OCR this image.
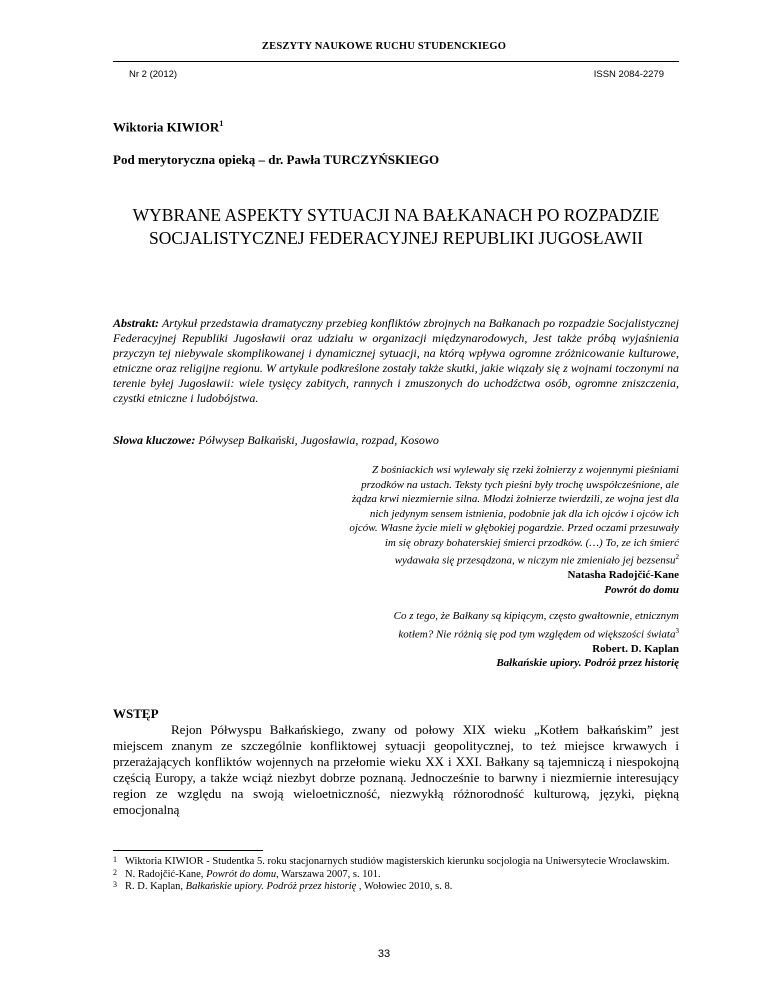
ZESZYTY NAUKOWE RUCHU STUDENCKIEGO
Nr 2 (2012)	ISSN 2084-2279
Wiktoria KIWIOR$^1$
Pod merytoryczna opieką – dr. Pawła TURCZYŃSKIEGO
WYBRANE ASPEKTY SYTUACJI NA BAŁKANACH PO ROZPADZIE SOCJALISTYCZNEJ FEDERACYJNEJ REPUBLIKI JUGOSŁAWII
Abstrakt: Artykuł przedstawia dramatyczny przebieg konfliktów zbrojnych na Bałkanach po rozpadzie Socjalistycznej Federacyjnej Republiki Jugosławii oraz udziału w organizacji międzynarodowych, Jest także próbą wyjaśnienia przyczyn tej niebywale skomplikowanej i dynamicznej sytuacji, na którą wpływa ogromne zróżnicowanie kulturowe, etniczne oraz religijne regionu. W artykule podkreślone zostały także skutki, jakie wiązały się z wojnami toczonymi na terenie byłej Jugosławii: wiele tysięcy zabitych, rannych i zmuszonych do uchodźctwa osób, ogromne zniszczenia, czystki etniczne i ludobójstwa.
Słowa kluczowe: Półwysep Bałkański, Jugosławia, rozpad, Kosowo
Z bośniackich wsi wylewały się rzeki żołnierzy z wojennymi pieśniami przodków na ustach. Teksty tych pieśni były trochę uwspółcześnione, ale żądza krwi niezmiernie silna. Młodzi żołnierze twierdzili, ze wojna jest dla nich jedynym sensem istnienia, podobnie jak dla ich ojców i ojców ich ojców. Własne życie mieli w głębokiej pogardzie. Przed oczami przesuwały im się obrazy bohaterskiej śmierci przodków. (…) To, ze ich śmierć wydawała się przesądzona, w niczym nie zmieniało jej bezsensu$^2$
Natasha Radojčić-Kane
Powrót do domu
Co z tego, że Bałkany są kipiącym, często gwałtownie, etnicznym kotłem? Nie różnią się pod tym względem od większości świata$^3$
Robert. D. Kaplan
Bałkańskie upiory. Podróż przez historię
WSTĘP

Rejon Półwyspu Bałkańskiego, zwany od połowy XIX wieku „Kotłem bałkańskim” jest miejscem znanym ze szczególnie konfliktowej sytuacji geopolitycznej, to też miejsce krwawych i przerażających konfliktów wojennych na przełomie wieku XX i XXI. Bałkany są tajemniczą i niespokojną częścią Europy, a także wciąż niezbyt dobrze poznaną. Jednocześnie to barwny i niezmiernie interesujący region ze względu na swoją wieloetniczność, niezwykłą różnorodność kulturową, języki, piękną emocjonalną

1 Wiktoria KIWIOR - Studentka 5. roku stacjonarnych studiów magisterskich kierunku socjologia na Uniwersytecie Wrocławskim.
2 N. Radojčić-Kane, Powrót do domu, Warszawa 2007, s. 101.
3 R. D. Kaplan, Bałkańskie upiory. Podróż przez historię , Wołowiec 2010, s. 8.
33
